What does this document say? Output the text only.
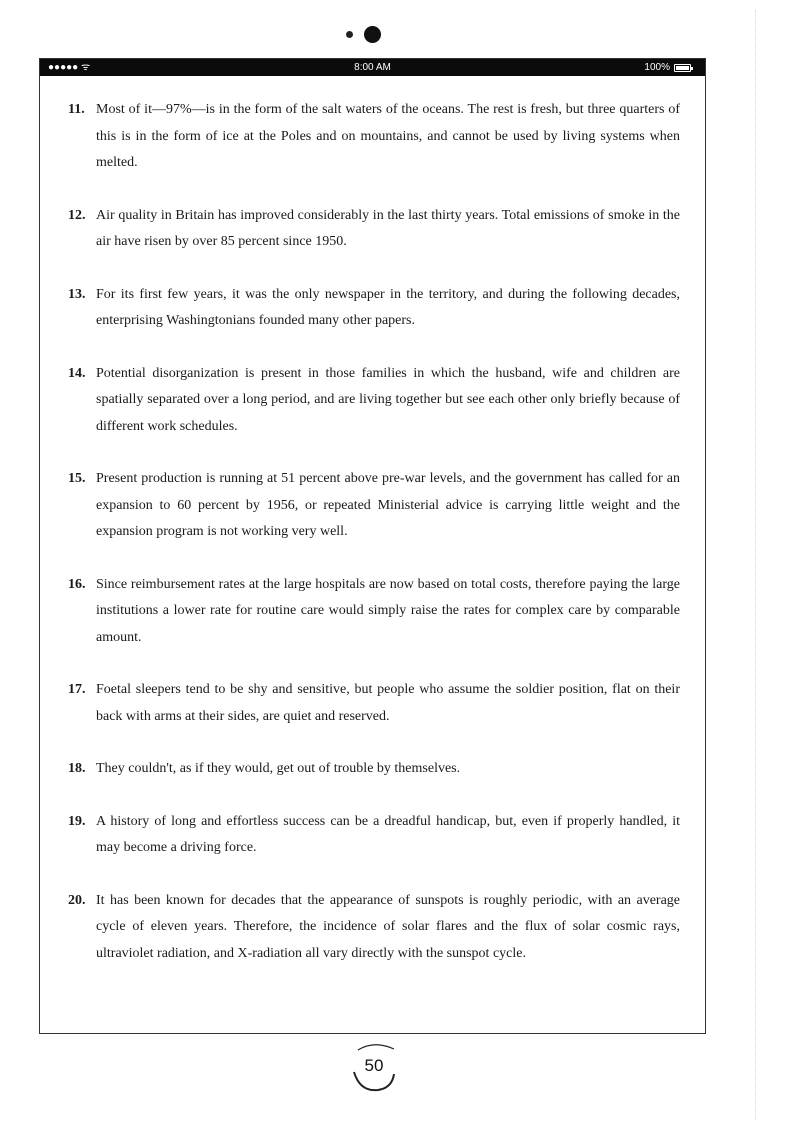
●●●●● ᯤ	8:00 AM	100%
11. Most of it—97%—is in the form of the salt waters of the oceans. The rest is fresh, but three quarters of this is in the form of ice at the Poles and on mountains, and cannot be used by living systems when melted.
12. Air quality in Britain has improved considerably in the last thirty years. Total emissions of smoke in the air have risen by over 85 percent since 1950.
13. For its first few years, it was the only newspaper in the territory, and during the following decades, enterprising Washingtonians founded many other papers.
14. Potential disorganization is present in those families in which the husband, wife and children are spatially separated over a long period, and are living together but see each other only briefly because of different work schedules.
15. Present production is running at 51 percent above pre-war levels, and the government has called for an expansion to 60 percent by 1956, or repeated Ministerial advice is carrying little weight and the expansion program is not working very well.
16. Since reimbursement rates at the large hospitals are now based on total costs, therefore paying the large institutions a lower rate for routine care would simply raise the rates for complex care by comparable amount.
17. Foetal sleepers tend to be shy and sensitive, but people who assume the soldier position, flat on their back with arms at their sides, are quiet and reserved.
18. They couldn't, as if they would, get out of trouble by themselves.
19. A history of long and effortless success can be a dreadful handicap, but, even if properly handled, it may become a driving force.
20. It has been known for decades that the appearance of sunspots is roughly periodic, with an average cycle of eleven years. Therefore, the incidence of solar flares and the flux of solar cosmic rays, ultraviolet radiation, and X-radiation all vary directly with the sunspot cycle.
50
